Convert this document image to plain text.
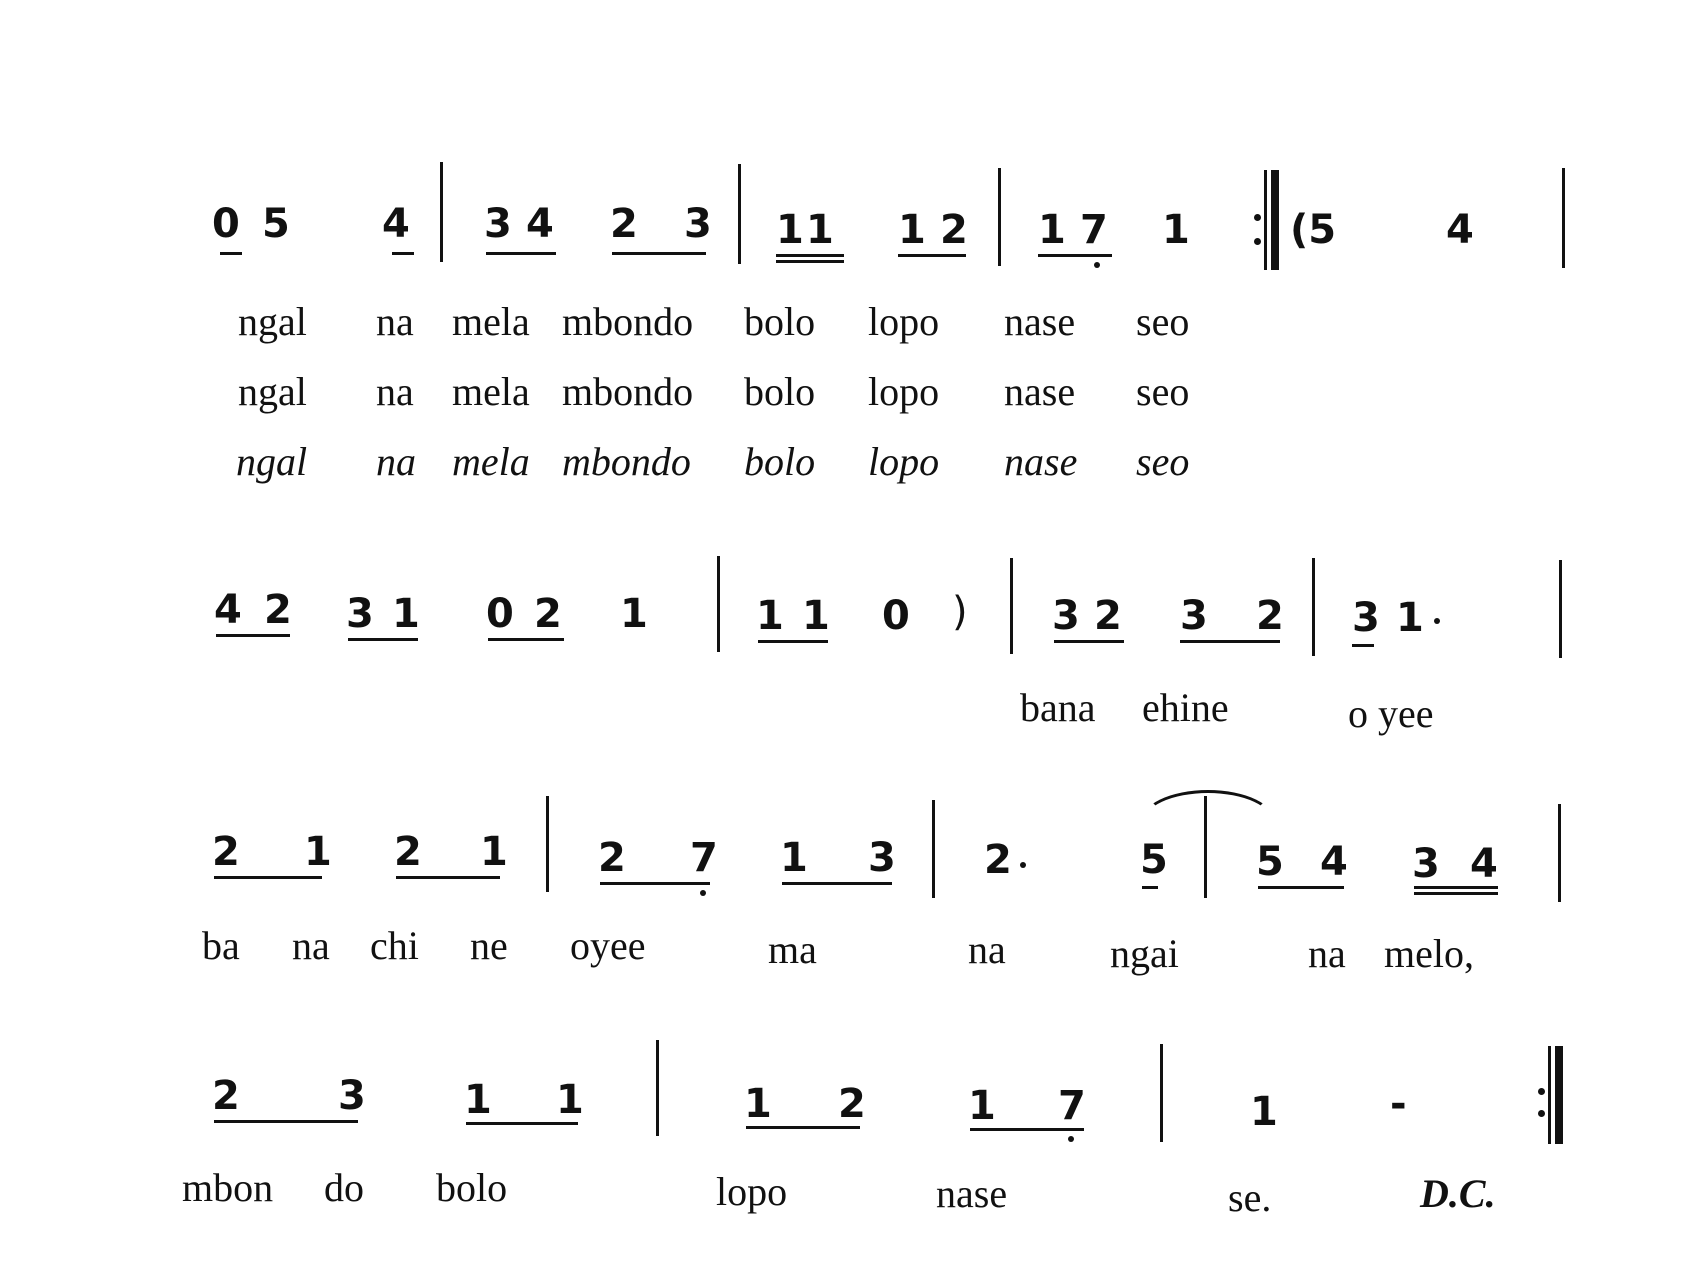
0 5 4 3 4 2 3 1 1 1 2 1 7 1	(5	4
ngal na mela mbondo bolo lopo nase seo
ngal na mela mbondo bolo lopo nase seo
ngal na mela mbondo bolo lopo nase seo
4 2 3 1 0 2 1	1 1 0 ) 3 2 3 2 3 1
bana ehine	o yee
2 1 2 1 2 7 1 3 2	5 5 4 3 4
ba na chi ne oyee	ma	na	ngai	na melo,
2 3 1 1	1 2	1 7	1	-
mbon do bolo	lopo	nase	se.	D.C.
